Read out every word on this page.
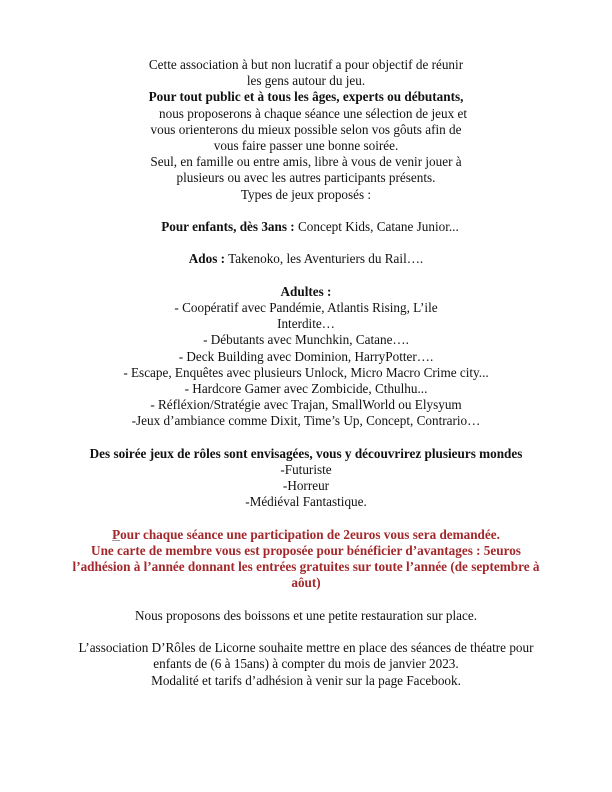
Cette association à but non lucratif a pour objectif de réunir
les gens autour du jeu.
Pour tout public et à tous les âges, experts ou débutants,
nous proposerons à chaque séance une sélection de jeux et
vous orienterons du mieux possible selon vos gôuts afin de
vous faire passer une bonne soirée.
Seul, en famille ou entre amis, libre à vous de venir jouer à
plusieurs ou avec les autres participants présents.
Types de jeux proposés :
Pour enfants, dès 3ans : Concept Kids, Catane Junior...
Ados : Takenoko, les Aventuriers du Rail….
Adultes :
- Coopératif avec Pandémie, Atlantis Rising, L’ile
Interdite…
- Débutants avec Munchkin, Catane….
- Deck Building avec Dominion, HarryPotter….
- Escape, Enquêtes avec plusieurs Unlock, Micro Macro Crime city...
- Hardcore Gamer avec Zombicide, Cthulhu...
- Réfléxion/Stratégie avec Trajan, SmallWorld ou Elysyum
-Jeux d’ambiance comme Dixit, Time’s Up, Concept, Contrario…
Des soirée jeux de rôles sont envisagées, vous y découvrirez plusieurs mondes
-Futuriste
-Horreur
-Médiéval Fantastique.
Pour chaque séance une participation de 2euros vous sera demandée.
Une carte de membre vous est proposée pour bénéficier d’avantages : 5euros
l’adhésion à l’année donnant les entrées gratuites sur toute l’année (de septembre à
aôut)
Nous proposons des boissons et une petite restauration sur place.
L’association D’Rôles de Licorne souhaite mettre en place des séances de théatre pour
enfants de (6 à 15ans) à compter du mois de janvier 2023.
Modalité et tarifs d’adhésion à venir sur la page Facebook.
